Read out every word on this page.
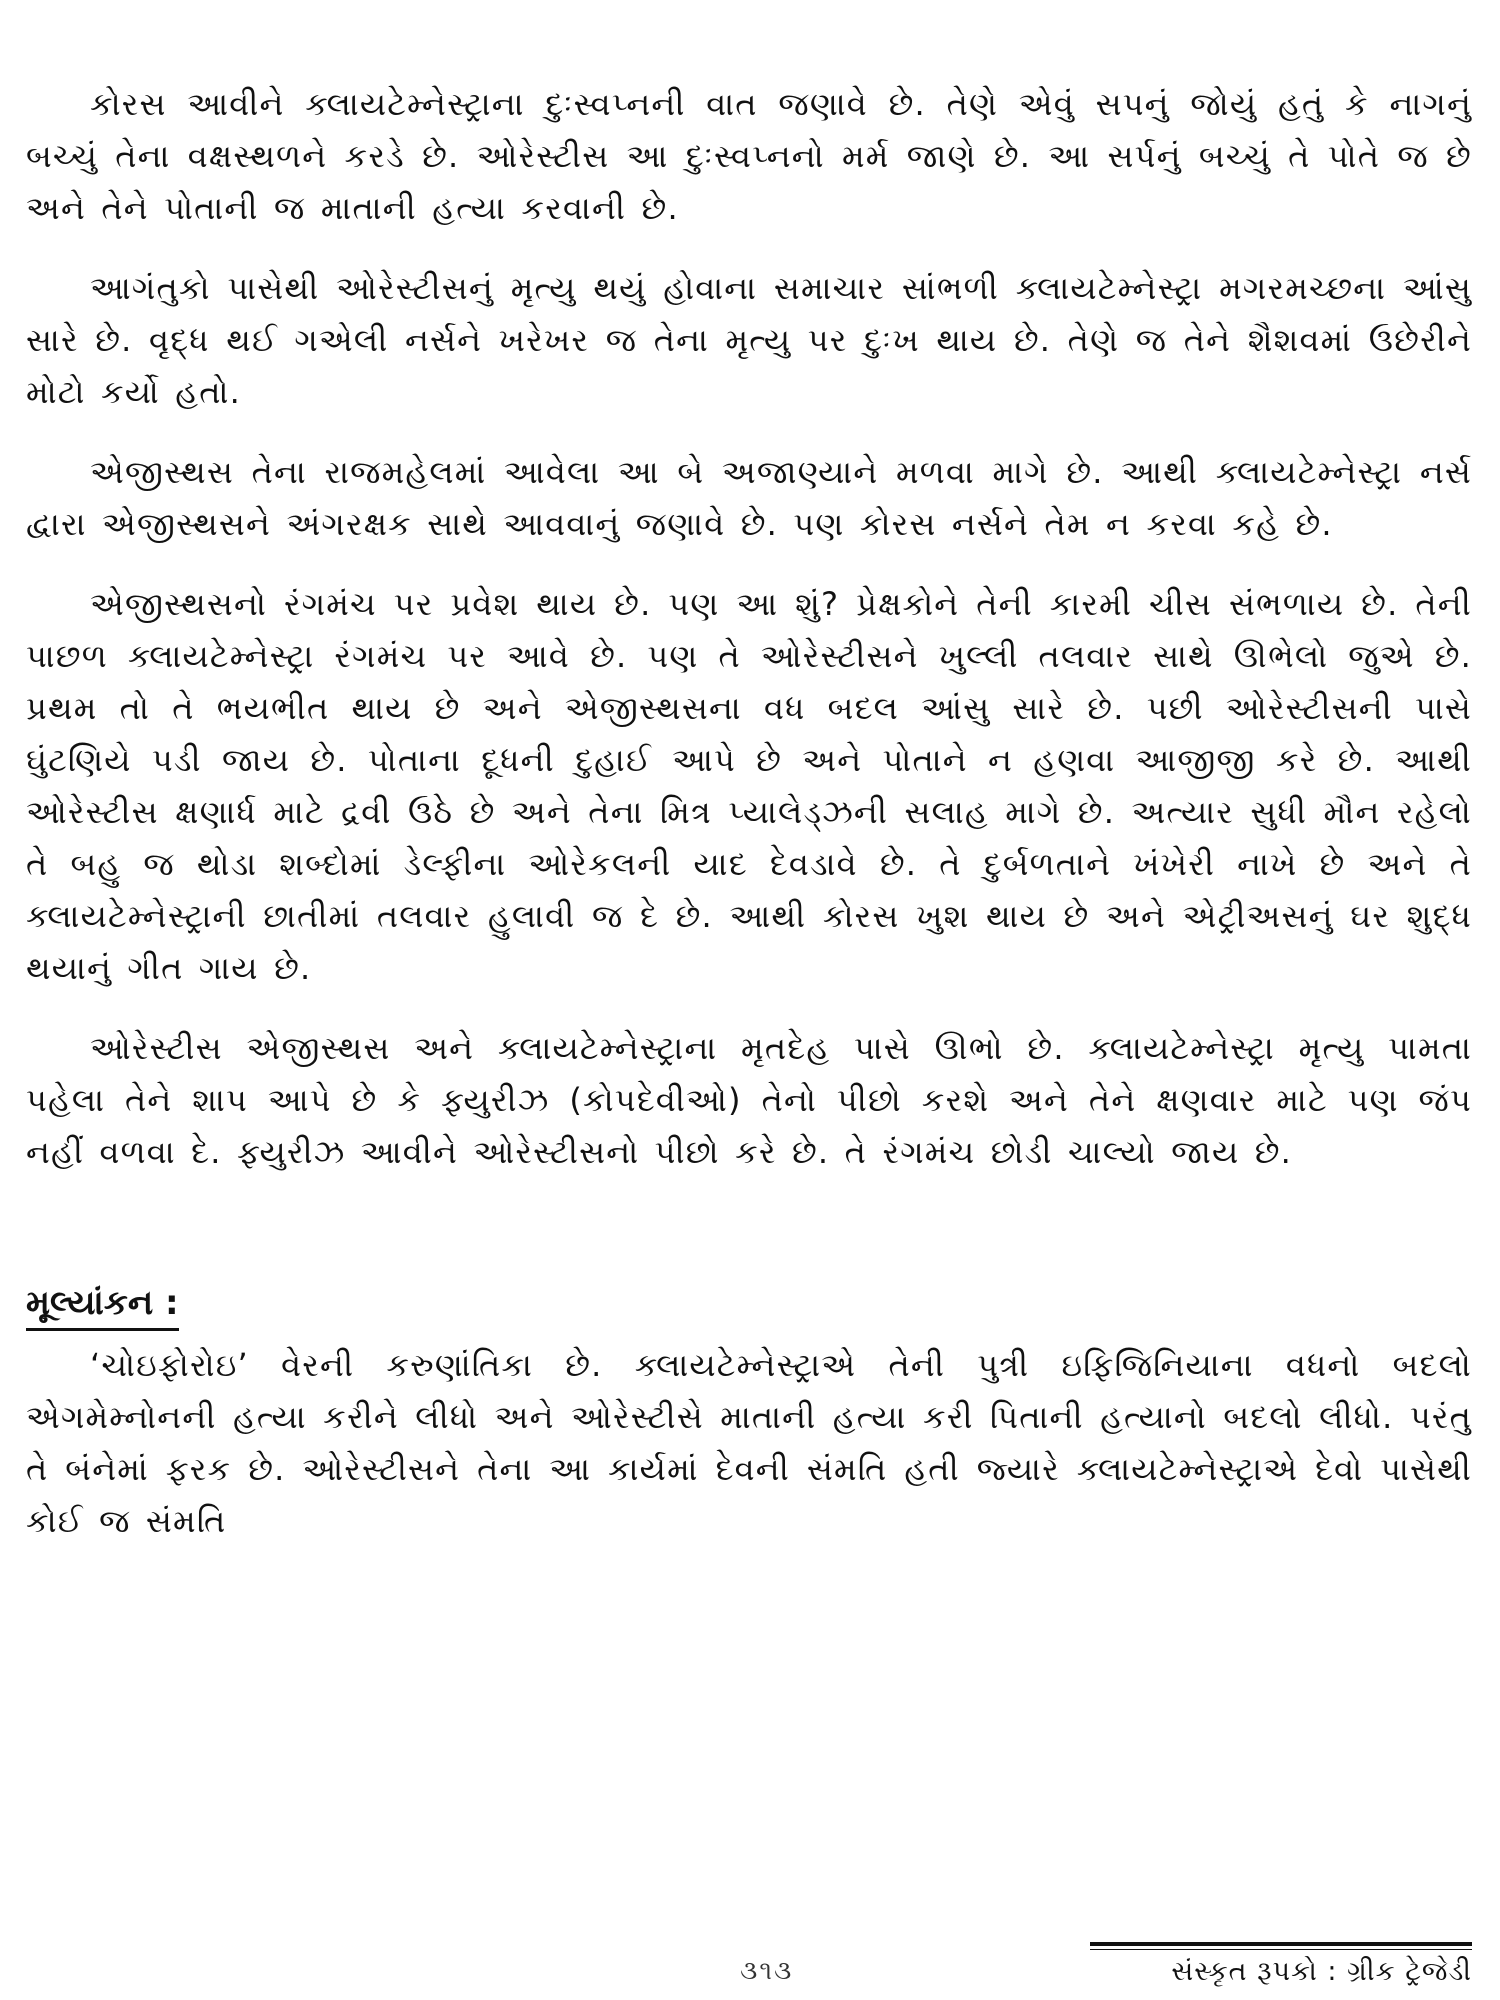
કોરસ આવીને ક્લાયટેમ્નેસ્ટ્રાના દુઃસ્વપ્નની વાત જણાવે છે. તેણે એવું સપનું જોયું હતું કે નાગનું બચ્ચું તેના વક્ષસ્થળને કરડે છે. ઓરેસ્ટીસ આ દુઃસ્વપ્નનો મર્મ જાણે છે. આ સર્પનું બચ્ચું તે પોતે જ છે અને તેને પોતાની જ માતાની હત્યા કરવાની છે.

આગંતુકો પાસેથી ઓરેસ્ટીસનું મૃત્યુ થયું હોવાના સમાચાર સાંભળી ક્લાયટેમ્નેસ્ટ્રા મગરમચ્છના આંસુ સારે છે. વૃદ્ધ થઈ ગએલી નર્સને ખરેખર જ તેના મૃત્યુ પર દુઃખ થાય છે. તેણે જ તેને શૈશવમાં ઉછેરીને મોટો કર્યો હતો.

એજીસ્થસ તેના રાજમહેલમાં આવેલા આ બે અજાણ્યાને મળવા માગે છે. આથી ક્લાયટેમ્નેસ્ટ્રા નર્સ દ્વારા એજીસ્થસને અંગરક્ષક સાથે આવવાનું જણાવે છે. પણ કોરસ નર્સને તેમ ન કરવા કહે છે.

એજીસ્થસનો રંગમંચ પર પ્રવેશ થાય છે. પણ આ શું? પ્રેક્ષકોને તેની કારમી ચીસ સંભળાય છે. તેની પાછળ ક્લાયટેમ્નેસ્ટ્રા રંગમંચ પર આવે છે. પણ તે ઓરેસ્ટીસને ખુલ્લી તલવાર સાથે ઊભેલો જુએ છે. પ્રથમ તો તે ભયભીત થાય છે અને એજીસ્થસના વધ બદલ આંસુ સારે છે. પછી ઓરેસ્ટીસની પાસે ઘુંટણિયે પડી જાય છે. પોતાના દૂધની દુહાઈ આપે છે અને પોતાને ન હણવા આજીજી કરે છે. આથી ઓરેસ્ટીસ ક્ષણાર્ધ માટે દ્રવી ઉઠે છે અને તેના મિત્ર પ્યાલેડ્ઝની સલાહ માગે છે. અત્યાર સુધી મૌન રહેલો તે બહુ જ થોડા શબ્દોમાં ડેલ્ફીના ઓરેકલની યાદ દેવડાવે છે. તે દુર્બળતાને ખંખેરી નાખે છે અને તે ક્લાયટેમ્નેસ્ટ્રાની છાતીમાં તલવાર હુલાવી જ દે છે. આથી કોરસ ખુશ થાય છે અને એટ્રીઅસનું ઘર શુદ્ધ થયાનું ગીત ગાય છે.

ઓરેસ્ટીસ એજીસ્થસ અને ક્લાયટેમ્નેસ્ટ્રાના મૃતદેહ પાસે ઊભો છે. ક્લાયટેમ્નેસ્ટ્રા મૃત્યુ પામતા પહેલા તેને શાપ આપે છે કે ફ્યુરીઝ (કોપદેવીઓ) તેનો પીછો કરશે અને તેને ક્ષણવાર માટે પણ જંપ નહીં વળવા દે. ફ્યુરીઝ આવીને ઓરેસ્ટીસનો પીછો કરે છે. તે રંગમંચ છોડી ચાલ્યો જાય છે.

મૂલ્યાંકન :

‘ચોઇફોરોઇ’ વેરની કરુણાંતિકા છે. ક્લાયટેમ્નેસ્ટ્રાએ તેની પુત્રી ઇફિજિનિયાના વધનો બદલો એગમેમ્નોનની હત્યા કરીને લીધો અને ઓરેસ્ટીસે માતાની હત્યા કરી પિતાની હત્યાનો બદલો લીધો. પરંતુ તે બંનેમાં ફરક છે. ઓરેસ્ટીસને તેના આ કાર્યમાં દેવની સંમતિ હતી જ્યારે ક્લાયટેમ્નેસ્ટ્રાએ દેવો પાસેથી કોઈ જ સંમતિ

૩૧૩	સંસ્કૃત રૂપકો : ગ્રીક ટ્રેજેડી
